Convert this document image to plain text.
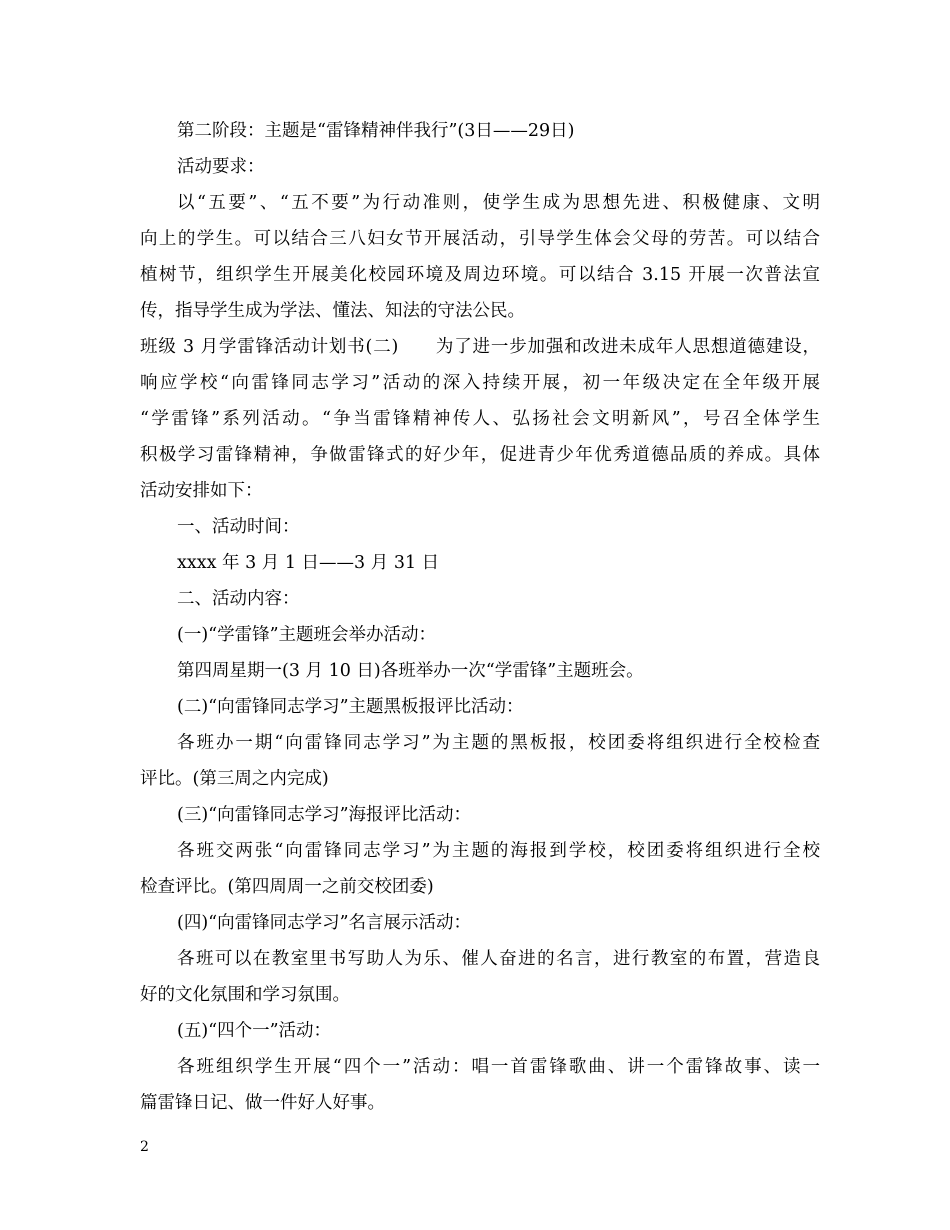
第二阶段：主题是“雷锋精神伴我行”(3日——29日)
活动要求：
以“五要”、“五不要”为行动准则，使学生成为思想先进、积极健康、文明
向上的学生。可以结合三八妇女节开展活动，引导学生体会父母的劳苦。可以结合
植树节，组织学生开展美化校园环境及周边环境。可以结合 3.15 开展一次普法宣
传，指导学生成为学法、懂法、知法的守法公民。
班级 3 月学雷锋活动计划书(二)　　为了进一步加强和改进未成年人思想道德建设，
响应学校“向雷锋同志学习”活动的深入持续开展，初一年级决定在全年级开展
“学雷锋”系列活动。“争当雷锋精神传人、弘扬社会文明新风”，号召全体学生
积极学习雷锋精神，争做雷锋式的好少年，促进青少年优秀道德品质的养成。具体
活动安排如下：
一、活动时间：
xxxx 年 3 月 1 日——3 月 31 日
二、活动内容：
(一)“学雷锋”主题班会举办活动：
第四周星期一(3 月 10 日)各班举办一次“学雷锋”主题班会。
(二)“向雷锋同志学习”主题黑板报评比活动：
各班办一期“向雷锋同志学习”为主题的黑板报，校团委将组织进行全校检查
评比。(第三周之内完成)
(三)“向雷锋同志学习”海报评比活动：
各班交两张“向雷锋同志学习”为主题的海报到学校，校团委将组织进行全校
检查评比。(第四周周一之前交校团委)
(四)“向雷锋同志学习”名言展示活动：
各班可以在教室里书写助人为乐、催人奋进的名言，进行教室的布置，营造良
好的文化氛围和学习氛围。
(五)“四个一”活动：
各班组织学生开展“四个一”活动：唱一首雷锋歌曲、讲一个雷锋故事、读一
篇雷锋日记、做一件好人好事。
2
